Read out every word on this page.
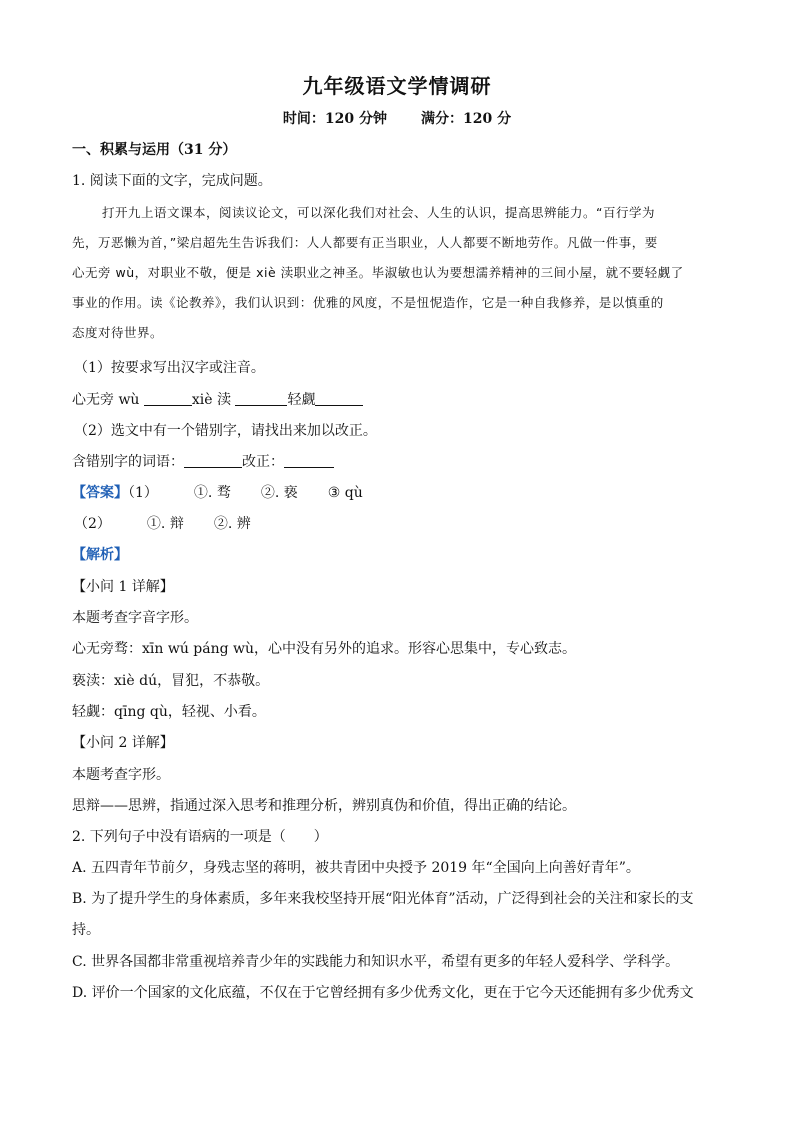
九年级语文学情调研
时间：120 分钟 满分：120 分
一、积累与运用（31 分）
1. 阅读下面的文字，完成问题。
打开九上语文课本，阅读议论文，可以深化我们对社会、人生的认识，提高思辨能力。“百行学为
先，万恶懒为首，”梁启超先生告诉我们：人人都要有正当职业，人人都要不断地劳作。凡做一件事，要
心无旁 wù，对职业不敬，便是 xiè 渎职业之神圣。毕淑敏也认为要想濡养精神的三间小屋，就不要轻觑了
事业的作用。读《论教养》，我们认识到：优雅的风度，不是忸怩造作，它是一种自我修养，是以慎重的
态度对待世界。
（1）按要求写出汉字或注音。
心无旁 wù	xiè 渎	轻觑
（2）选文中有一个错别字，请找出来加以改正。
含错别字的词语：	改正：
【答案】（1）	①. 骛 ②. 亵 ③ qù
（2）	①. 辩 ②. 辨
【解析】
【小问 1 详解】
本题考查字音字形。
心无旁骛：xīn wú páng wù，心中没有另外的追求。形容心思集中，专心致志。
亵渎：xiè dú，冒犯，不恭敬。
轻觑：qīng qù，轻视、小看。
【小问 2 详解】
本题考查字形。
思辩——思辨，指通过深入思考和推理分析，辨别真伪和价值，得出正确的结论。
2. 下列句子中没有语病的一项是（　　）
A. 五四青年节前夕，身残志坚的蒋明，被共青团中央授予 2019 年“全国向上向善好青年”。
B. 为了提升学生的身体素质，多年来我校坚持开展“阳光体育”活动，广泛得到社会的关注和家长的支
持。
C. 世界各国都非常重视培养青少年的实践能力和知识水平，希望有更多的年轻人爱科学、学科学。
D. 评价一个国家的文化底蕴，不仅在于它曾经拥有多少优秀文化，更在于它今天还能拥有多少优秀文
